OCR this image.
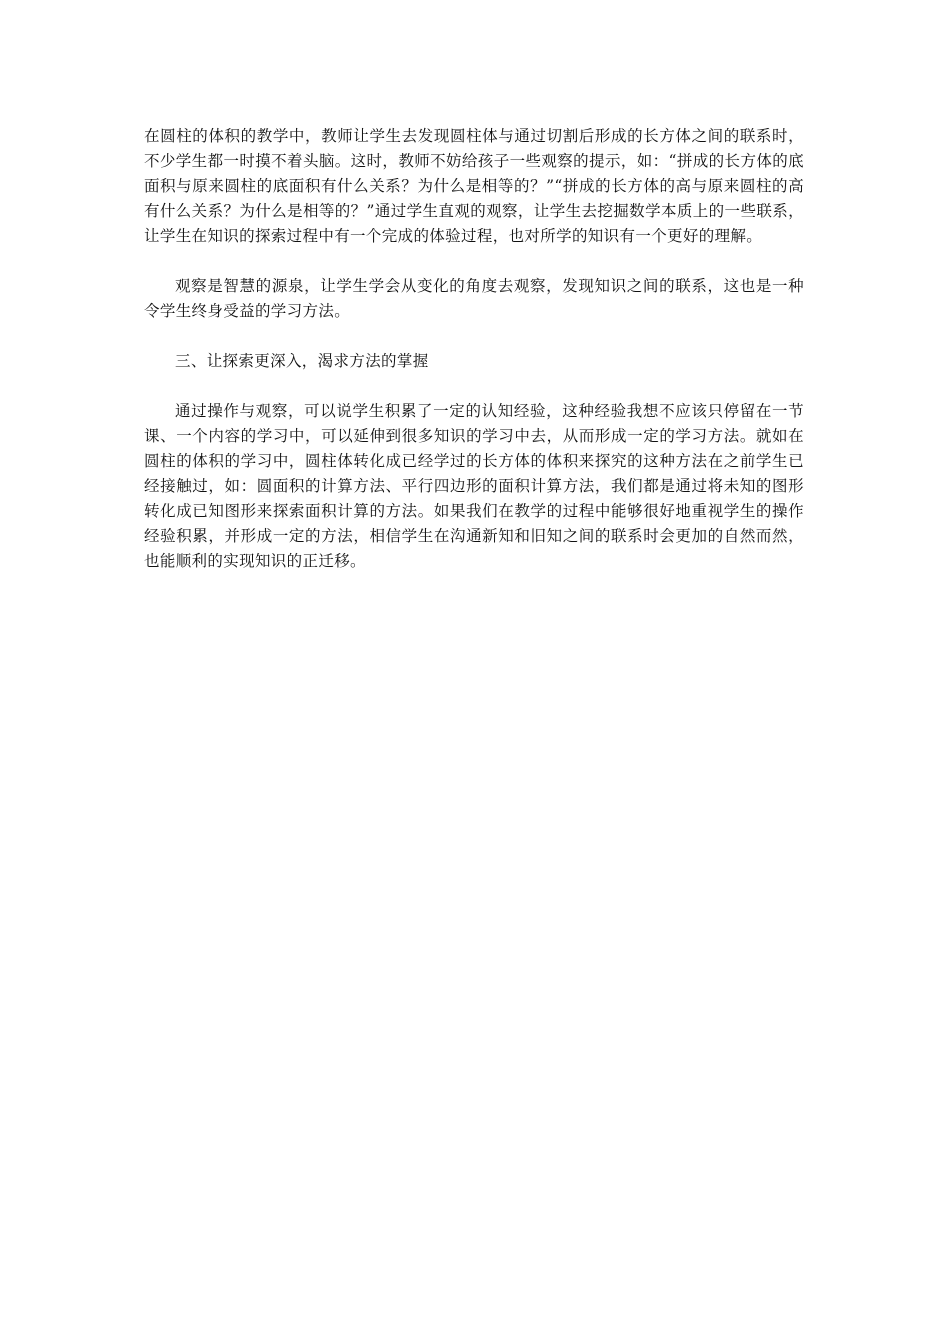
在圆柱的体积的教学中，教师让学生去发现圆柱体与通过切割后形成的长方体之间的联系时，不少学生都一时摸不着头脑。这时，教师不妨给孩子一些观察的提示，如：“拼成的长方体的底面积与原来圆柱的底面积有什么关系？为什么是相等的？”“拼成的长方体的高与原来圆柱的高有什么关系？为什么是相等的？”通过学生直观的观察，让学生去挖掘数学本质上的一些联系，让学生在知识的探索过程中有一个完成的体验过程，也对所学的知识有一个更好的理解。

观察是智慧的源泉，让学生学会从变化的角度去观察，发现知识之间的联系，这也是一种令学生终身受益的学习方法。

三、让探索更深入，渴求方法的掌握

通过操作与观察，可以说学生积累了一定的认知经验，这种经验我想不应该只停留在一节课、一个内容的学习中，可以延伸到很多知识的学习中去，从而形成一定的学习方法。就如在圆柱的体积的学习中，圆柱体转化成已经学过的长方体的体积来探究的这种方法在之前学生已经接触过，如：圆面积的计算方法、平行四边形的面积计算方法，我们都是通过将未知的图形转化成已知图形来探索面积计算的方法。如果我们在教学的过程中能够很好地重视学生的操作经验积累，并形成一定的方法，相信学生在沟通新知和旧知之间的联系时会更加的自然而然，也能顺利的实现知识的正迁移。
